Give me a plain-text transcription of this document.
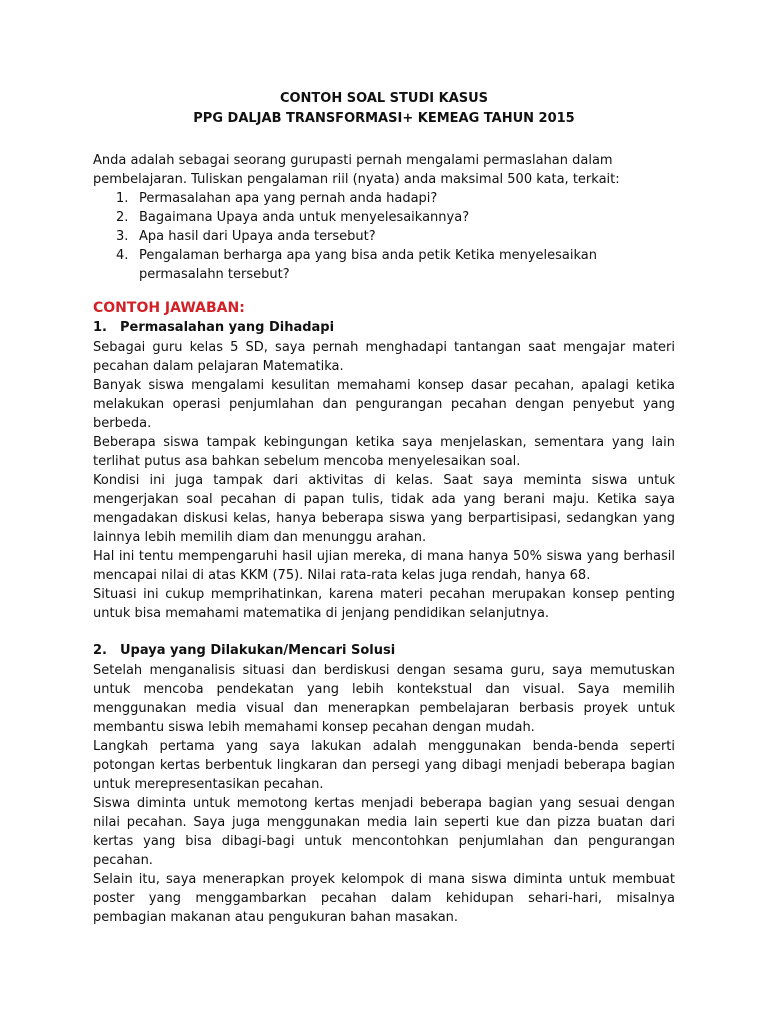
CONTOH SOAL STUDI KASUS
PPG DALJAB TRANSFORMASI+ KEMEAG TAHUN 2015

Anda adalah sebagai seorang gurupasti pernah mengalami permaslahan dalam pembelajaran. Tuliskan pengalaman riil (nyata) anda maksimal 500 kata, terkait:

1. Permasalahan apa yang pernah anda hadapi?
2. Bagaimana Upaya anda untuk menyelesaikannya?
3. Apa hasil dari Upaya anda tersebut?
4. Pengalaman berharga apa yang bisa anda petik Ketika menyelesaikan permasalahn tersebut?
CONTOH JAWABAN:
1.	Permasalahan yang Dihadapi

Sebagai guru kelas 5 SD, saya pernah menghadapi tantangan saat mengajar materi pecahan dalam pelajaran Matematika.

Banyak siswa mengalami kesulitan memahami konsep dasar pecahan, apalagi ketika melakukan operasi penjumlahan dan pengurangan pecahan dengan penyebut yang berbeda.

Beberapa siswa tampak kebingungan ketika saya menjelaskan, sementara yang lain terlihat putus asa bahkan sebelum mencoba menyelesaikan soal.

Kondisi ini juga tampak dari aktivitas di kelas. Saat saya meminta siswa untuk mengerjakan soal pecahan di papan tulis, tidak ada yang berani maju. Ketika saya mengadakan diskusi kelas, hanya beberapa siswa yang berpartisipasi, sedangkan yang lainnya lebih memilih diam dan menunggu arahan.

Hal ini tentu mempengaruhi hasil ujian mereka, di mana hanya 50% siswa yang berhasil mencapai nilai di atas KKM (75). Nilai rata-rata kelas juga rendah, hanya 68.

Situasi ini cukup memprihatinkan, karena materi pecahan merupakan konsep penting untuk bisa memahami matematika di jenjang pendidikan selanjutnya.

2.	Upaya yang Dilakukan/Mencari Solusi

Setelah menganalisis situasi dan berdiskusi dengan sesama guru, saya memutuskan untuk mencoba pendekatan yang lebih kontekstual dan visual. Saya memilih menggunakan media visual dan menerapkan pembelajaran berbasis proyek untuk membantu siswa lebih memahami konsep pecahan dengan mudah.

Langkah pertama yang saya lakukan adalah menggunakan benda-benda seperti potongan kertas berbentuk lingkaran dan persegi yang dibagi menjadi beberapa bagian untuk merepresentasikan pecahan.

Siswa diminta untuk memotong kertas menjadi beberapa bagian yang sesuai dengan nilai pecahan. Saya juga menggunakan media lain seperti kue dan pizza buatan dari kertas yang bisa dibagi-bagi untuk mencontohkan penjumlahan dan pengurangan pecahan.

Selain itu, saya menerapkan proyek kelompok di mana siswa diminta untuk membuat poster yang menggambarkan pecahan dalam kehidupan sehari-hari, misalnya pembagian makanan atau pengukuran bahan masakan.
